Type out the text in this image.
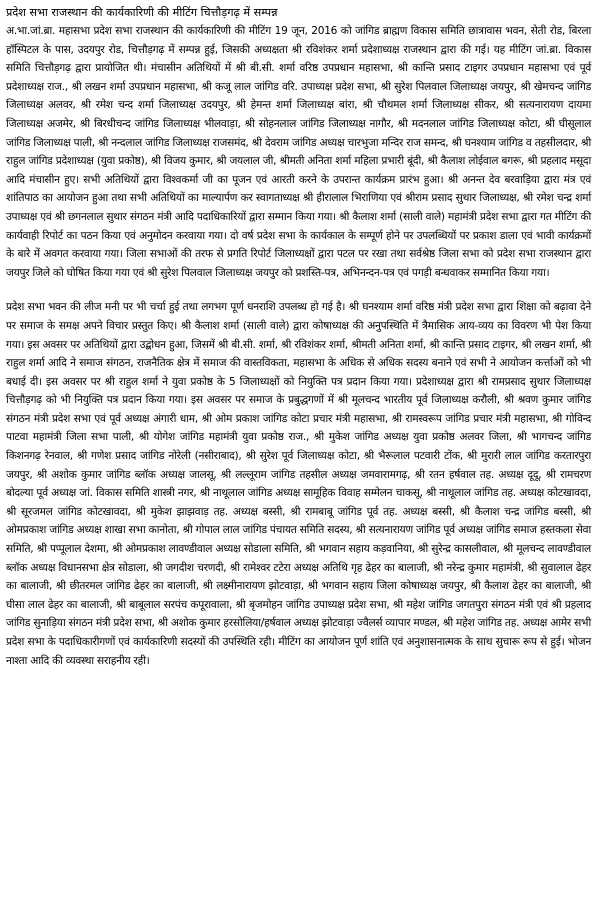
प्रदेश सभा राजस्थान की कार्यकारिणी की मीटिंग चित्तौड़गढ़ में सम्पन्न

अ.भा.जां.ब्रा. महासभा प्रदेश सभा राजस्थान की कार्यकारिणी की मीटिंग 19 जून, 2016 को जांगिड ब्राह्मण विकास समिति छात्रावास भवन, सेती रोड, बिरला हॉस्पिटल के पास, उदयपुर रोड, चित्तौड़गढ़ में सम्पन्न हुई, जिसकी अध्यक्षता श्री रविशंकर शर्मा प्रदेशाध्यक्ष राजस्थान द्वारा की गई। यह मीटिंग जां.ब्रा. विकास समिति चित्तौड़गढ़ द्वारा प्रायोजित थी। मंचासीन अतिथियों में श्री बी.सी. शर्मा वरिष्ठ उपप्रधान महासभा, श्री कान्ति प्रसाद टाइगर उपप्रधान महासभा एवं पूर्व प्रदेशाध्यक्ष राज., श्री लखन शर्मा उपप्रधान महासभा, श्री कजू लाल जांगिड वरि. उपाध्यक्ष प्रदेश सभा, श्री सुरेश पिलवाल जिलाध्यक्ष जयपुर, श्री खेमचन्द जांगिड जिलाध्यक्ष अलवर, श्री रमेश चन्द शर्मा जिलाध्यक्ष उदयपुर, श्री हेमन्त शर्मा जिलाध्यक्ष बांरा, श्री चौथमल शर्मा जिलाध्यक्ष सीकर, श्री सत्यनारायण दायमा जिलाध्यक्ष अजमेर, श्री बिरधीचन्द जांगिड जिलाध्यक्ष भीलवाड़ा, श्री सोहनलाल जांगिड जिलाध्यक्ष नागौर, श्री मदनलाल जांगिड जिलाध्यक्ष कोटा, श्री घीसूलाल जांगिड जिलाध्यक्ष पाली, श्री नन्दलाल जांगिड जिलाध्यक्ष राजसमंद, श्री देवराम जांगिड अध्यक्ष चारभुजा मन्दिर राज समन्द, श्री घनश्याम जांगिड व तहसीलदार, श्री राहुल जांगिड प्रदेशाध्यक्ष (युवा प्रकोष्ठ), श्री विजय कुमार, श्री जयलाल जी, श्रीमती अनिता शर्मा महिला प्रभारी बूंदी, श्री कैलाश लोईवाल बगरू, श्री प्रहलाद मसूदा आदि मंचासीन हुए। सभी अतिथियों द्वारा विश्वकर्मा जी का पूजन एवं आरती करने के उपरान्त कार्यक्रम प्रारंभ हुआ। श्री अनन्त देव बरवाड़िया द्वारा मंत्र एवं शांतिपाठ का आयोजन हुआ तथा सभी अतिथियों का माल्यार्पण कर स्वागताध्यक्ष श्री हीरालाल भिराणिया एवं श्रीराम प्रसाद सुथार जिलाध्यक्ष, श्री रमेश चन्द्र शर्मा उपाध्यक्ष एवं श्री छगनलाल सुथार संगठन मंत्री आदि पदाधिकारियों द्वारा सम्मान किया गया। श्री कैलाश शर्मा (साली वाले) महामंत्री प्रदेश सभा द्वारा गत मीटिंग की कार्यवाही रिपोर्ट का पठन किया एवं अनुमोदन करवाया गया। दो वर्ष प्रदेश सभा के कार्यकाल के सम्पूर्ण होने पर उपलब्धियों पर प्रकाश डाला एवं भावी कार्यक्रमों के बारे में अवगत करवाया गया। जिला सभाओं की तरफ से प्रगति रिपोर्ट जिलाध्यक्षों द्वारा पटल पर रखा तथा सर्वश्रेष्ठ जिला सभा को प्रदेश सभा राजस्थान द्वारा जयपुर जिले को घोषित किया गया एवं श्री सुरेश पिलवाल जिलाध्यक्ष जयपुर को प्रशस्ति-पत्र, अभिनन्दन-पत्र एवं पगड़ी बन्धवाकर सम्मानित किया गया।

प्रदेश सभा भवन की लीज मनी पर भी चर्चा हुई तथा लगभग पूर्ण धनराशि उपलब्ध हो गई है। श्री घनश्याम शर्मा वरिष्ठ मंत्री प्रदेश सभा द्वारा शिक्षा को बढ़ावा देने पर समाज के समक्ष अपने विचार प्रस्तुत किए। श्री कैलाश शर्मा (साली वाले) द्वारा कोषाध्यक्ष की अनुपस्थिति में त्रैमासिक आय-व्यय का विवरण भी पेश किया गया। इस अवसर पर अतिथियों द्वारा उद्बोधन हुआ, जिसमें श्री बी.सी. शर्मा, श्री रविशंकर शर्मा, श्रीमती अनिता शर्मा, श्री कान्ति प्रसाद टाइगर, श्री लखन शर्मा, श्री राहुल शर्मा आदि ने समाज संगठन, राजनैतिक क्षेत्र में समाज की वास्तविकता, महासभा के अधिक से अधिक सदस्य बनाने एवं सभी ने आयोजन कर्त्ताओं को भी बधाई दी। इस अवसर पर श्री राहुल शर्मा ने युवा प्रकोष्ठ के 5 जिलाध्यक्षों को नियुक्ति पत्र प्रदान किया गया। प्रदेशाध्यक्ष द्वारा श्री रामप्रसाद सुथार जिलाध्यक्ष चित्तौड़गढ़ को भी नियुक्ति पत्र प्रदान किया गया। इस अवसर पर समाज के प्रबुद्धगणों में श्री मूलचन्द भारतीय पूर्व जिलाध्यक्ष करौली, श्री श्रवण कुमार जांगिड संगठन मंत्री प्रदेश सभा एवं पूर्व अध्यक्ष अंगारी धाम, श्री ओम प्रकाश जांगिड कोटा प्रचार मंत्री महासभा, श्री रामस्वरूप जांगिड प्रचार मंत्री महासभा, श्री गोविन्द पाटवा महामंत्री जिला सभा पाली, श्री योगेश जांगिड महामंत्री युवा प्रकोष्ठ राज., श्री मुकेश जांगिड अध्यक्ष युवा प्रकोष्ठ अलवर जिला, श्री भागचन्द जांगिड किशनगढ़ रेनवाल, श्री गणेश प्रसाद जांगिड नोरेली (नसीराबाद), श्री सुरेश पूर्व जिलाध्यक्ष कोटा, श्री भैरूलाल पटवारी टोंक, श्री मुरारी लाल जांगिड करतारपुरा जयपुर, श्री अशोक कुमार जांगिड ब्लॉक अध्यक्ष जालसू, श्री लल्लूराम जांगिड तहसील अध्यक्ष जमवारामगढ़, श्री रतन हर्षवाल तह. अध्यक्ष दूदू, श्री रामचरण बोदल्या पूर्व अध्यक्ष जां. विकास समिति शास्त्री नगर, श्री नाथूलाल जांगिड अध्यक्ष सामूहिक विवाह सम्मेलन चाकसू, श्री नाथूलाल जांगिड तह. अध्यक्ष कोटखावदा, श्री सूरजमल जांगिड कोटखावदा, श्री मुकेश झाझवाड़ तह. अध्यक्ष बस्सी, श्री रामबाबू जांगिड पूर्व तह. अध्यक्ष बस्सी, श्री कैलाश चन्द्र जांगिड बस्सी, श्री ओमप्रकाश जांगिड अध्यक्ष शाखा सभा कानोता, श्री गोपाल लाल जांगिड पंचायत समिति सदस्य, श्री सत्यनारायण जांगिड पूर्व अध्यक्ष जांगिड समाज हस्तकला सेवा समिति, श्री पप्पूलाल देशमा, श्री ओमप्रकाश लावण्डीवाल अध्यक्ष सोडाला समिति, श्री भगवान सहाय कड़वानिया, श्री सुरेन्द्र कासलीवाल, श्री मूलचन्द लावण्डीवाल ब्लॉक अध्यक्ष विधानसभा क्षेत्र सोडाला, श्री जगदीश चरणदी, श्री रामेश्वर टटेरा अध्यक्ष अतिथि गृह ढेहर का बालाजी, श्री नरेन्द्र कुमार महामंत्री, श्री सुवालाल ढेहर का बालाजी, श्री छीतरमल जांगिड ढेहर का बालाजी, श्री लक्ष्मीनारायण झोटवाड़ा, श्री भगवान सहाय जिला कोषाध्यक्ष जयपुर, श्री कैलाश ढेहर का बालाजी, श्री घीसा लाल ढेहर का बालाजी, श्री बाबूलाल सरपंच कपूरावाला, श्री बृजमोहन जांगिड उपाध्यक्ष प्रदेश सभा, श्री महेश जांगिड जगतपुरा संगठन मंत्री एवं श्री प्रहलाद जांगिड सुनाड़िया संगठन मंत्री प्रदेश सभा, श्री अशोक कुमार हरसोलिया/हर्षवाल अध्यक्ष झोटवाड़ा ज्वैलर्स व्यापार मण्डल, श्री महेश जांगिड तह. अध्यक्ष आमेर सभी प्रदेश सभा के पदाधिकारीगणों एवं कार्यकारिणी सदस्यों की उपस्थिति रही। मीटिंग का आयोजन पूर्ण शांति एवं अनुशासनात्मक के साथ सुचारू रूप से हुई। भोजन नाश्ता आदि की व्यवस्था सराहनीय रही।
